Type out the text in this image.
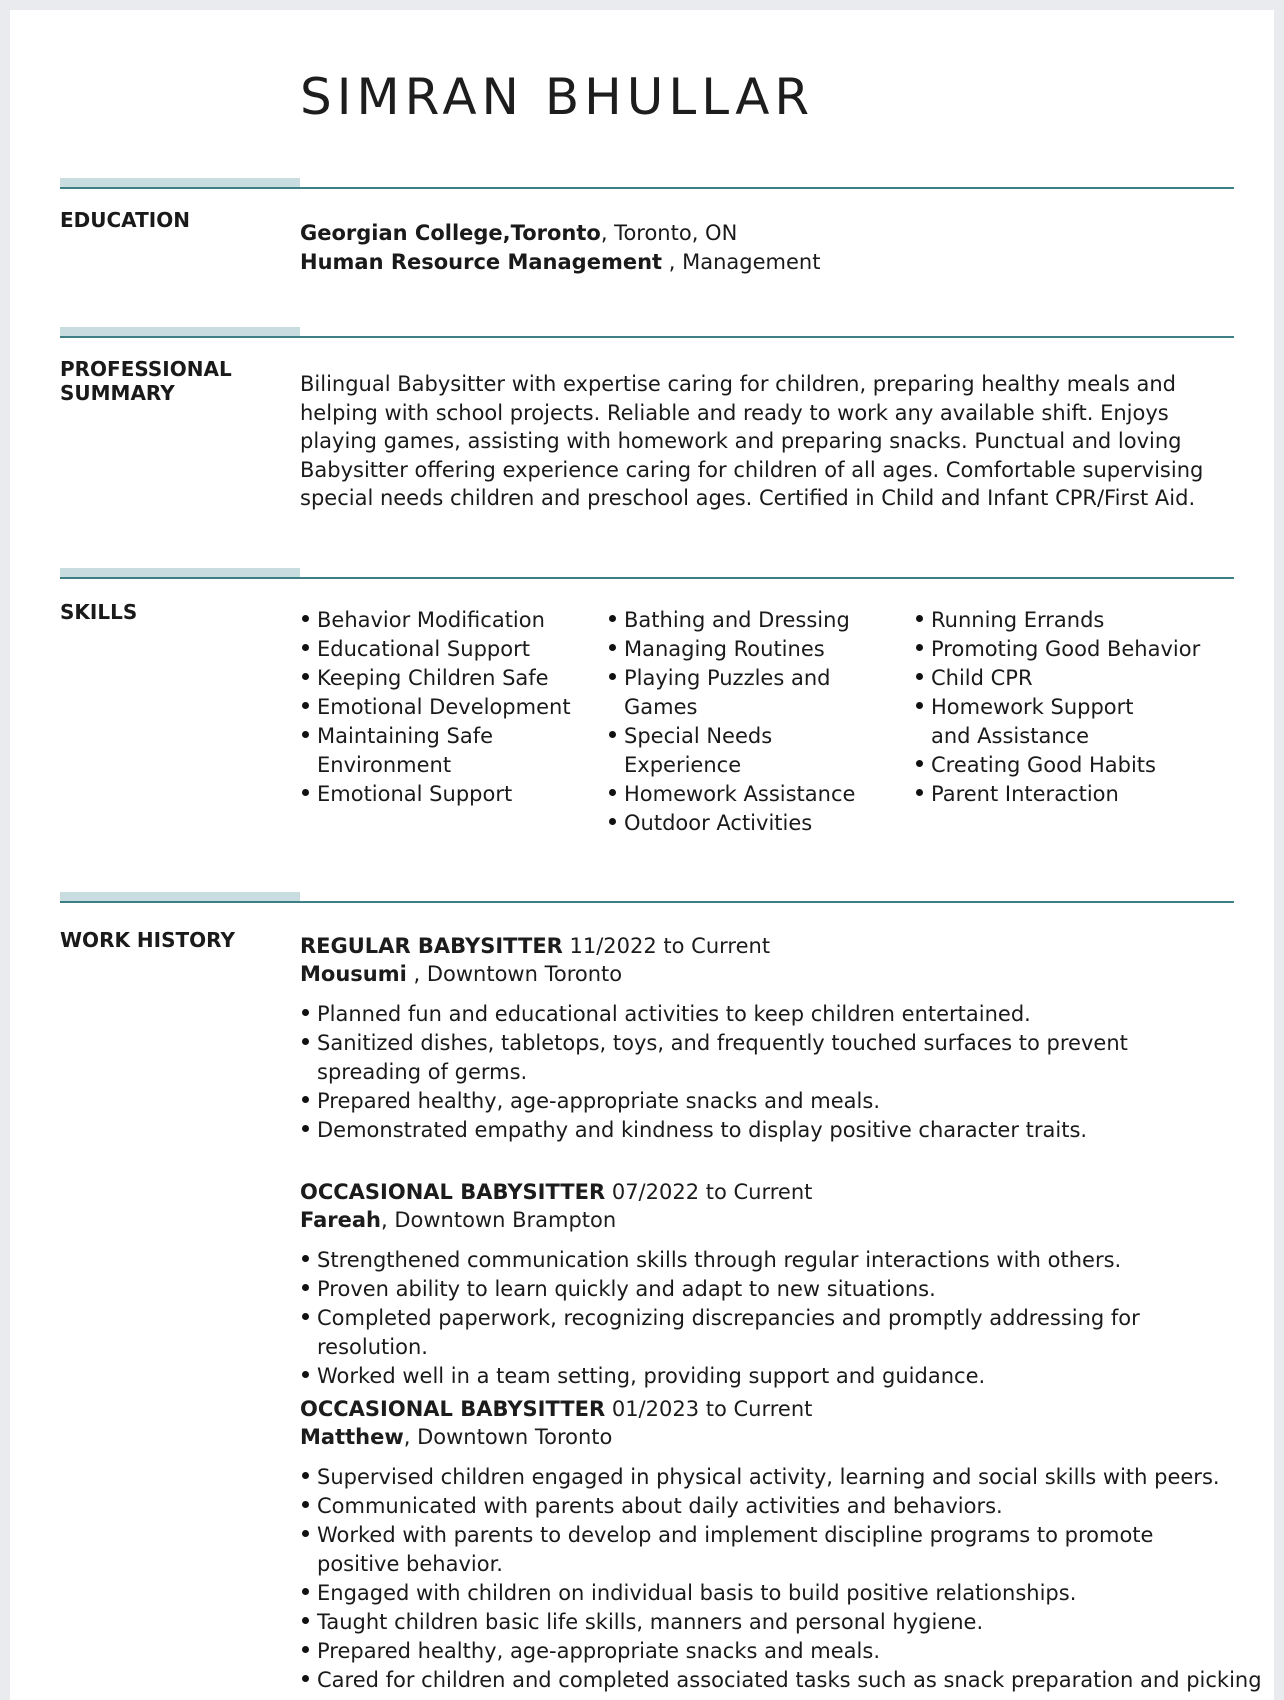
SIMRAN BHULLAR
EDUCATION
Georgian College,Toronto, Toronto, ON
Human Resource Management , Management
PROFESSIONAL
SUMMARY	Bilingual Babysitter with expertise caring for children, preparing healthy meals and helping with school projects. Reliable and ready to work any available shift. Enjoys playing games, assisting with homework and preparing snacks. Punctual and loving Babysitter offering experience caring for children of all ages. Comfortable supervising special needs children and preschool ages. Certified in Child and Infant CPR/First Aid.
SKILLS	Behavior Modification
Educational Support
Keeping Children Safe
Emotional Development
Maintaining Safe Environment
Emotional Support
Bathing and Dressing
Managing Routines
Playing Puzzles and Games
Special Needs Experience
Homework Assistance
Outdoor Activities
Running Errands
Promoting Good Behavior
Child CPR
Homework Support and Assistance
Creating Good Habits
Parent Interaction
WORK HISTORY	REGULAR BABYSITTER 11/2022 to Current
Mousumi , Downtown Toronto
Planned fun and educational activities to keep children entertained.
Sanitized dishes, tabletops, toys, and frequently touched surfaces to prevent spreading of germs.
Prepared healthy, age-appropriate snacks and meals.
Demonstrated empathy and kindness to display positive character traits.
OCCASIONAL BABYSITTER 07/2022 to Current
Fareah, Downtown Brampton
Strengthened communication skills through regular interactions with others.
Proven ability to learn quickly and adapt to new situations.
Completed paperwork, recognizing discrepancies and promptly addressing for resolution.
Worked well in a team setting, providing support and guidance.
OCCASIONAL BABYSITTER 01/2023 to Current
Matthew, Downtown Toronto
Supervised children engaged in physical activity, learning and social skills with peers.
Communicated with parents about daily activities and behaviors.
Worked with parents to develop and implement discipline programs to promote positive behavior.
Engaged with children on individual basis to build positive relationships.
Taught children basic life skills, manners and personal hygiene.
Prepared healthy, age-appropriate snacks and meals.
Cared for children and completed associated tasks such as snack preparation and picking
